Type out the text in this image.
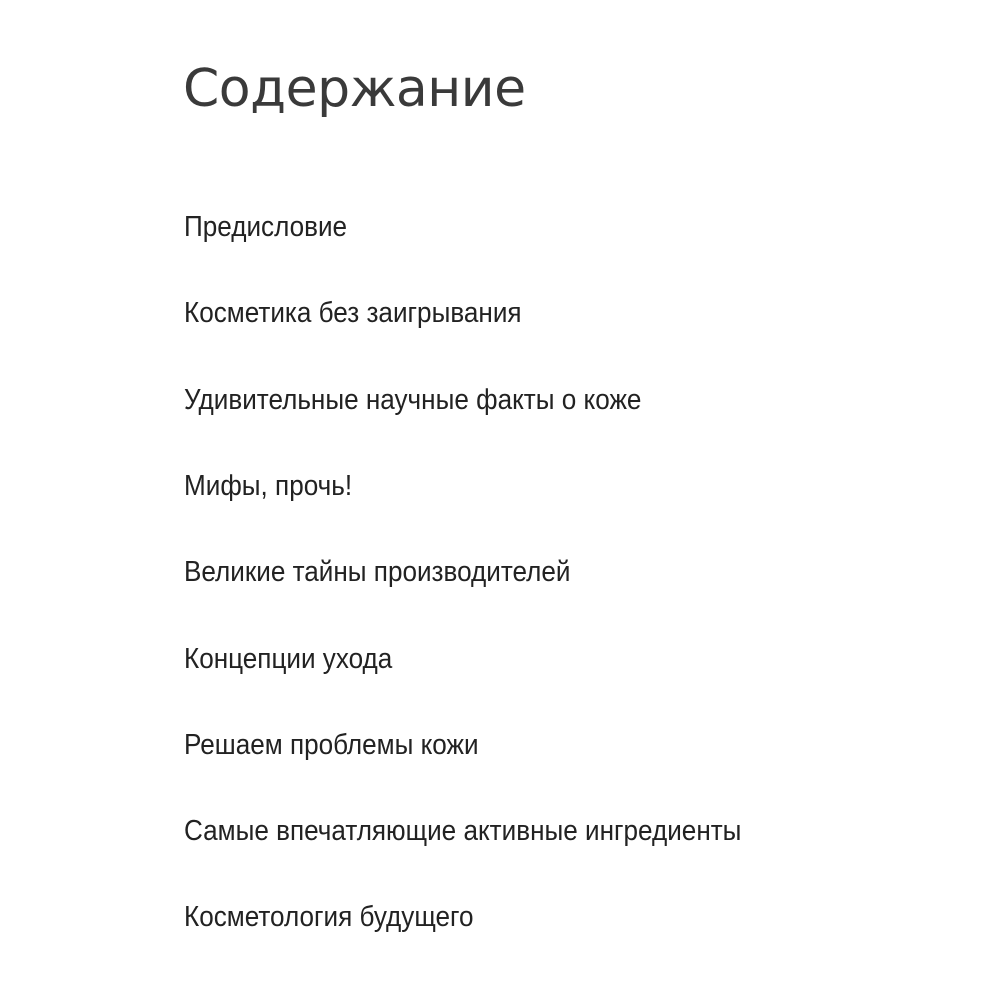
Содержание
Предисловие
Косметика без заигрывания
Удивительные научные факты о коже
Мифы, прочь!
Великие тайны производителей
Концепции ухода
Решаем проблемы кожи
Самые впечатляющие активные ингредиенты
Косметология будущего
